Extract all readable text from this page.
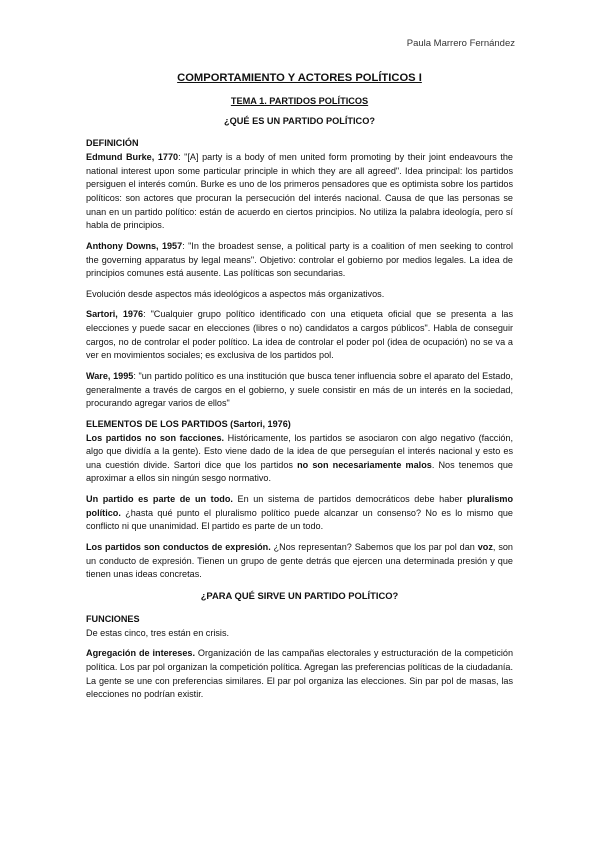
Paula Marrero Fernández
COMPORTAMIENTO Y ACTORES POLÍTICOS I
TEMA 1. PARTIDOS POLÍTICOS
¿QUÉ ES UN PARTIDO POLÍTICO?
DEFINICIÓN

Edmund Burke, 1770: "[A] party is a body of men united form promoting by their joint endeavours the national interest upon some particular principle in which they are all agreed". Idea principal: los partidos persiguen el interés común. Burke es uno de los primeros pensadores que es optimista sobre los partidos políticos: son actores que procuran la persecución del interés nacional. Causa de que las personas se unan en un partido político: están de acuerdo en ciertos principios. No utiliza la palabra ideología, pero sí habla de principios.

Anthony Downs, 1957: "In the broadest sense, a political party is a coalition of men seeking to control the governing apparatus by legal means". Objetivo: controlar el gobierno por medios legales. La idea de principios comunes está ausente. Las políticas son secundarias.

Evolución desde aspectos más ideológicos a aspectos más organizativos.

Sartori, 1976: "Cualquier grupo político identificado con una etiqueta oficial que se presenta a las elecciones y puede sacar en elecciones (libres o no) candidatos a cargos públicos". Habla de conseguir cargos, no de controlar el poder político. La idea de controlar el poder pol (idea de ocupación) no se va a ver en movimientos sociales; es exclusiva de los partidos pol.

Ware, 1995: "un partido político es una institución que busca tener influencia sobre el aparato del Estado, generalmente a través de cargos en el gobierno, y suele consistir en más de un interés en la sociedad, procurando agregar varios de ellos"

ELEMENTOS DE LOS PARTIDOS (Sartori, 1976)

Los partidos no son facciones. Históricamente, los partidos se asociaron con algo negativo (facción, algo que dividía a la gente). Esto viene dado de la idea de que perseguían el interés nacional y esto es una cuestión divide. Sartori dice que los partidos no son necesariamente malos. Nos tenemos que aproximar a ellos sin ningún sesgo normativo.

Un partido es parte de un todo. En un sistema de partidos democráticos debe haber pluralismo político. ¿hasta qué punto el pluralismo político puede alcanzar un consenso? No es lo mismo que conflicto ni que unanimidad. El partido es parte de un todo.

Los partidos son conductos de expresión. ¿Nos representan? Sabemos que los par pol dan voz, son un conducto de expresión. Tienen un grupo de gente detrás que ejercen una determinada presión y que tienen unas ideas concretas.

¿PARA QUÉ SIRVE UN PARTIDO POLÍTICO?
FUNCIONES

De estas cinco, tres están en crisis.

Agregación de intereses. Organización de las campañas electorales y estructuración de la competición política. Los par pol organizan la competición política. Agregan las preferencias políticas de la ciudadanía. La gente se une con preferencias similares. El par pol organiza las elecciones. Sin par pol de masas, las elecciones no podrían existir.
